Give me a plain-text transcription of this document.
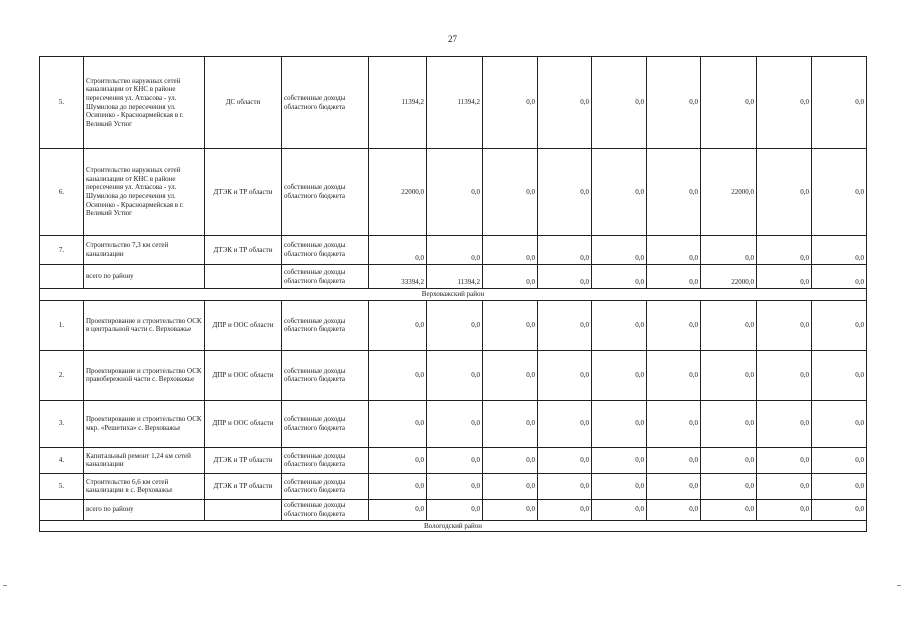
27
5.	Строительство наружных сетей канализации от КНС в районе пересечения ул. Атласова - ул. Шумилова до пересечения ул. Осипенко - Красноармейская в г. Великий Устюг	ДС области	собственные доходы областного бюджета	11394,2	11394,2	0,0	0,0	0,0	0,0	0,0	0,0	0,0
6.	Строительство наружных сетей канализации от КНС в районе пересечения ул. Атласова - ул. Шумилова до пересечения ул. Осипенко - Красноармейская в г. Великий Устюг	ДТЭК и ТР области	собственные доходы областного бюджета	22000,0	0,0	0,0	0,0	0,0	0,0	22000,0	0,0	0,0
7.	Строительство 7,3 км сетей канализации	ДТЭК и ТР области	собственные доходы областного бюджета	0,0	0,0	0,0	0,0	0,0	0,0	0,0	0,0	0,0
	всего по району		собственные доходы областного бюджета	33394,2	11394,2	0,0	0,0	0,0	0,0	22000,0	0,0	0,0
Верховажский район												
1.	Проектирование и строительство ОСК в центральной части с. Верховажье	ДПР и ООС области	собственные доходы областного бюджета	0,0	0,0	0,0	0,0	0,0	0,0	0,0	0,0	0,0
2.	Проектирование и строительство ОСК правобережной части с. Верховажье	ДПР и ООС области	собственные доходы областного бюджета	0,0	0,0	0,0	0,0	0,0	0,0	0,0	0,0	0,0
3.	Проектирование и строительство ОСК мкр. «Решетиха» с. Верховажье	ДПР и ООС области	собственные доходы областного бюджета	0,0	0,0	0,0	0,0	0,0	0,0	0,0	0,0	0,0
4.	Капитальный ремонт 1,24 км сетей канализации	ДТЭК и ТР области	собственные доходы областного бюджета	0,0	0,0	0,0	0,0	0,0	0,0	0,0	0,0	0,0
5.	Строительство 6,6 км сетей канализации в с. Верховажье	ДТЭК и ТР области	собственные доходы областного бюджета	0,0	0,0	0,0	0,0	0,0	0,0	0,0	0,0	0,0
	всего по району		собственные доходы областного бюджета	0,0	0,0	0,0	0,0	0,0	0,0	0,0	0,0	0,0
Вологодский район												
